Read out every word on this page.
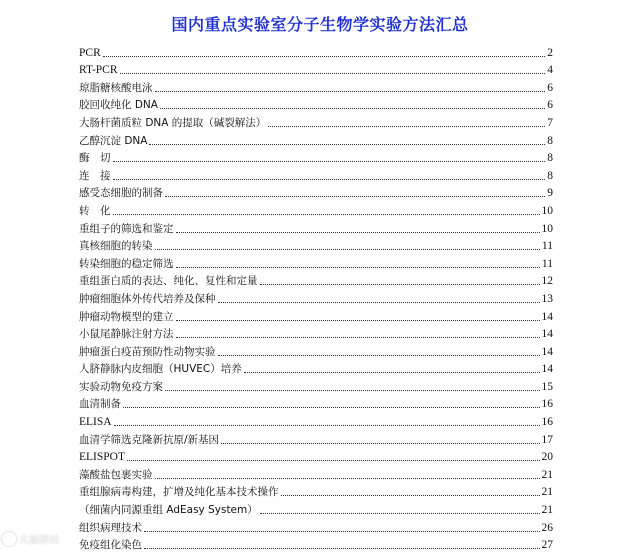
国内重点实验室分子生物学实验方法汇总
PCR	2
RT-PCR	4
琼脂糖核酸电泳	6
胶回收纯化 DNA	6
大肠杆菌质粒 DNA 的提取（碱裂解法）	7
乙醇沉淀 DNA	8
酶　切	8
连　接	8
感受态细胞的制备	9
转　化	10
重组子的筛选和鉴定	10
真核细胞的转染	11
转染细胞的稳定筛选	11
重组蛋白质的表达、纯化、复性和定量	12
肿瘤细胞体外传代培养及保种	13
肿瘤动物模型的建立	14
小鼠尾静脉注射方法	14
肿瘤蛋白疫苗预防性动物实验	14
人脐静脉内皮细胞（HUVEC）培养	14
实验动物免疫方案	15
血清制备	16
ELISA	16
血清学筛选克隆新抗原/新基因	17
ELISPOT	20
藻酸盐包裹实验	21
重组腺病毒构建，扩增及纯化基本技术操作	21
（细菌内同源重组 AdEasy System）	21
组织病理技术	26
免疫组化染色	27
大鼠驿站
